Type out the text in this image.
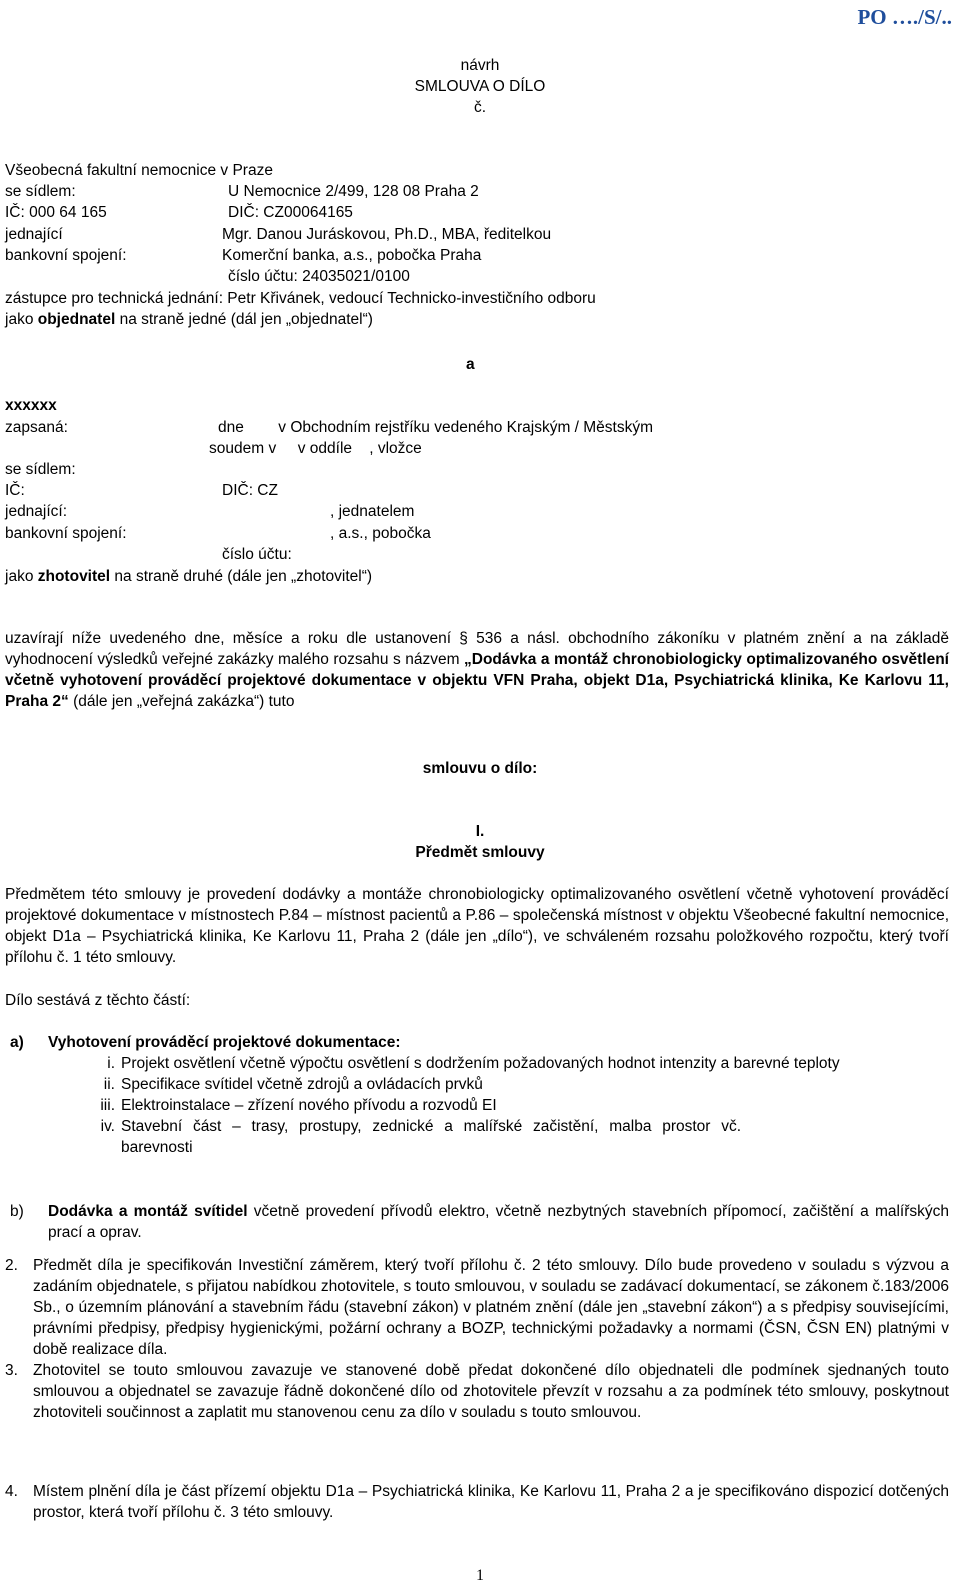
PO …./S/..
návrh
SMLOUVA O DÍLO
č.
Všeobecná fakultní nemocnice v Praze
se sídlem:	U Nemocnice 2/499, 128 08 Praha 2
IČ: 000 64 165	DIČ: CZ00064165
jednající	Mgr. Danou Juráskovou, Ph.D., MBA, ředitelkou
bankovní spojení:	Komerční banka, a.s., pobočka Praha
číslo účtu: 24035021/0100
zástupce pro technická jednání: Petr Křivánek, vedoucí Technicko-investičního odboru
jako objednatel na straně jedné (dál jen „objednatel“)
a
xxxxxx
zapsaná:	dne        v Obchodním rejstříku vedeného Krajským / Městským
soudem v     v oddíle    , vložce
se sídlem:
IČ:	DIČ: CZ
jednající:	, jednatelem
bankovní spojení:	, a.s., pobočka
číslo účtu:
jako zhotovitel na straně druhé (dále jen „zhotovitel“)
uzavírají níže uvedeného dne, měsíce a roku dle ustanovení § 536 a násl. obchodního zákoníku v platném znění a na základě vyhodnocení výsledků veřejné zakázky malého rozsahu s názvem „Dodávka a montáž chronobiologicky optimalizovaného osvětlení včetně vyhotovení prováděcí projektové dokumentace v objektu VFN Praha, objekt D1a, Psychiatrická klinika, Ke Karlovu 11, Praha 2“ (dále jen „veřejná zakázka“) tuto
smlouvu o dílo:
I.
Předmět smlouvy
Předmětem této smlouvy je provedení dodávky a montáže chronobiologicky optimalizovaného osvětlení včetně vyhotovení prováděcí projektové dokumentace v místnostech P.84 – místnost pacientů a P.86 – společenská místnost v objektu Všeobecné fakultní nemocnice, objekt D1a – Psychiatrická klinika, Ke Karlovu 11, Praha 2 (dále jen „dílo“), ve schváleném rozsahu položkového rozpočtu, který tvoří přílohu č. 1 této smlouvy.
Dílo sestává z těchto částí:
a) Vyhotovení prováděcí projektové dokumentace:
i. Projekt osvětlení včetně výpočtu osvětlení s dodržením požadovaných hodnot intenzity a barevné teploty
ii. Specifikace svítidel včetně zdrojů a ovládacích prvků
iii. Elektroinstalace – zřízení nového přívodu a rozvodů EI
iv. Stavební část – trasy, prostupy, zednické a malířské začistění, malba prostor vč. barevnosti
b) Dodávka a montáž svítidel včetně provedení přívodů elektro, včetně nezbytných stavebních přípomocí, začištění a malířských prací a oprav.
2. Předmět díla je specifikován Investiční záměrem, který tvoří přílohu č. 2 této smlouvy. Dílo bude provedeno v souladu s výzvou a zadáním objednatele, s přijatou nabídkou zhotovitele, s touto smlouvou, v souladu se zadávací dokumentací, se zákonem č.183/2006 Sb., o územním plánování a stavebním řádu (stavební zákon) v platném znění (dále jen „stavební zákon“) a s předpisy souvisejícími, právními předpisy, předpisy hygienickými, požární ochrany a BOZP, technickými požadavky a normami (ČSN, ČSN EN) platnými v době realizace díla.
3. Zhotovitel se touto smlouvou zavazuje ve stanovené době předat dokončené dílo objednateli dle podmínek sjednaných touto smlouvou a objednatel se zavazuje řádně dokončené dílo od zhotovitele převzít v rozsahu a za podmínek této smlouvy, poskytnout zhotoviteli součinnost a zaplatit mu stanovenou cenu za dílo v souladu s touto smlouvou.
4. Místem plnění díla je část přízemí objektu D1a – Psychiatrická klinika, Ke Karlovu 11, Praha 2 a je specifikováno dispozicí dotčených prostor, která tvoří přílohu č. 3 této smlouvy.
1
